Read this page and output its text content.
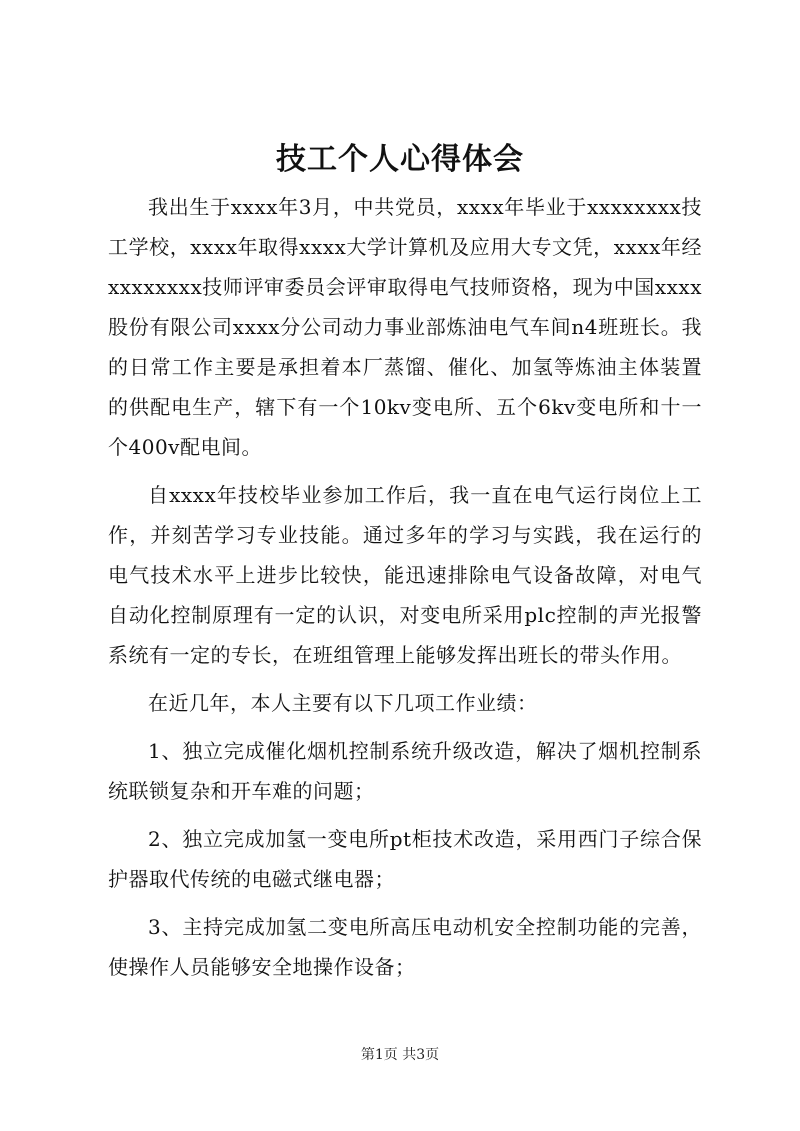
技工个人心得体会

我出生于xxxx年3月，中共党员，xxxx年毕业于xxxxxxxx技工学校，xxxx年取得xxxx大学计算机及应用大专文凭，xxxx年经xxxxxxxx技师评审委员会评审取得电气技师资格，现为中国xxxx股份有限公司xxxx分公司动力事业部炼油电气车间n4班班长。我的日常工作主要是承担着本厂蒸馏、催化、加氢等炼油主体装置的供配电生产，辖下有一个10kv变电所、五个6kv变电所和十一个400v配电间。

自xxxx年技校毕业参加工作后，我一直在电气运行岗位上工作，并刻苦学习专业技能。通过多年的学习与实践，我在运行的电气技术水平上进步比较快，能迅速排除电气设备故障，对电气自动化控制原理有一定的认识，对变电所采用plc控制的声光报警系统有一定的专长，在班组管理上能够发挥出班长的带头作用。

在近几年，本人主要有以下几项工作业绩：

1、独立完成催化烟机控制系统升级改造，解决了烟机控制系统联锁复杂和开车难的问题；

2、独立完成加氢一变电所pt柜技术改造，采用西门子综合保护器取代传统的电磁式继电器；

3、主持完成加氢二变电所高压电动机安全控制功能的完善，使操作人员能够安全地操作设备；

第1页 共3页
